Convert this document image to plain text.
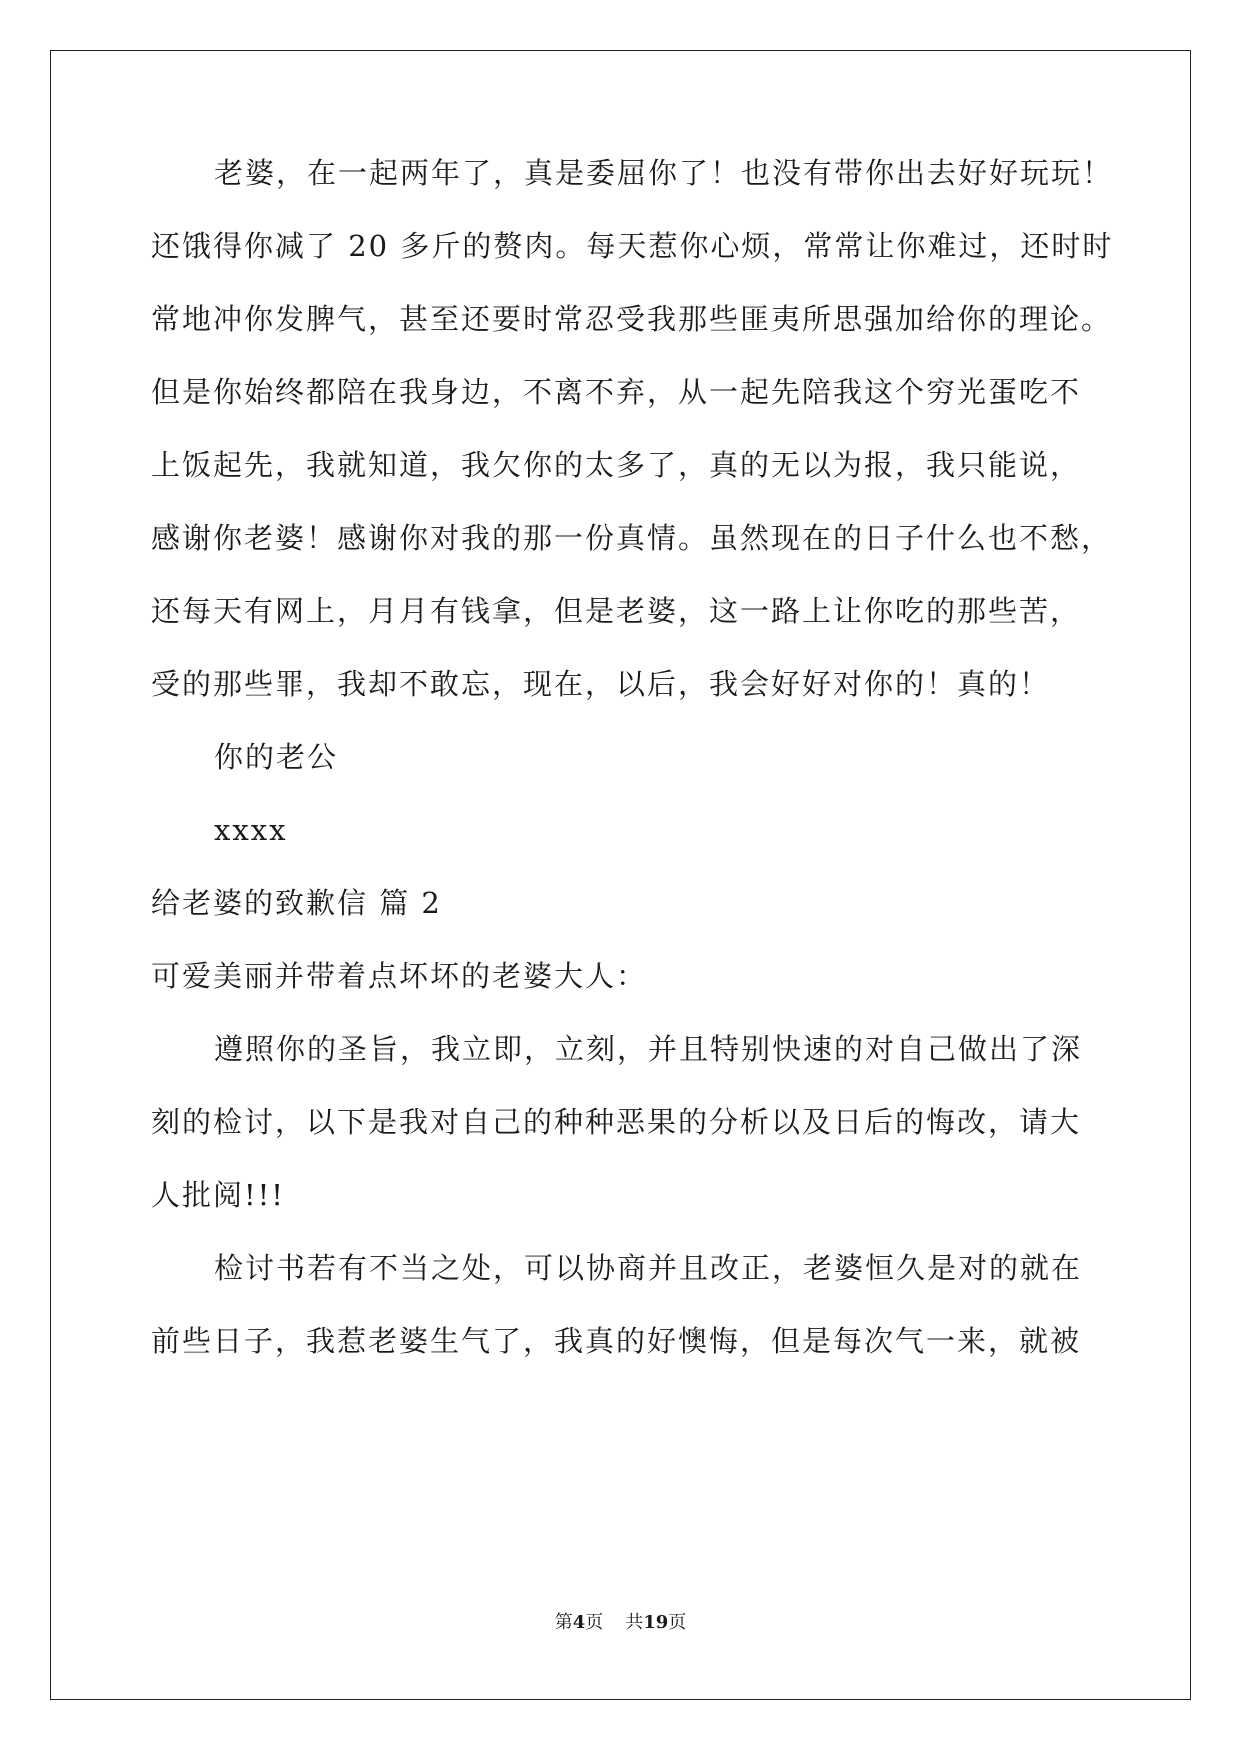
老婆，在一起两年了，真是委屈你了！也没有带你出去好好玩玩！
还饿得你减了 20 多斤的赘肉。每天惹你心烦，常常让你难过，还时时
常地冲你发脾气，甚至还要时常忍受我那些匪夷所思强加给你的理论。
但是你始终都陪在我身边，不离不弃，从一起先陪我这个穷光蛋吃不
上饭起先，我就知道，我欠你的太多了，真的无以为报，我只能说，
感谢你老婆！感谢你对我的那一份真情。虽然现在的日子什么也不愁，
还每天有网上，月月有钱拿，但是老婆，这一路上让你吃的那些苦，
受的那些罪，我却不敢忘，现在，以后，我会好好对你的！真的！
你的老公
xxxx
给老婆的致歉信 篇 2
可爱美丽并带着点坏坏的老婆大人：
遵照你的圣旨，我立即，立刻，并且特别快速的对自己做出了深
刻的检讨，以下是我对自己的种种恶果的分析以及日后的悔改，请大
人批阅!!!
检讨书若有不当之处，可以协商并且改正，老婆恒久是对的就在
前些日子，我惹老婆生气了，我真的好懊悔，但是每次气一来，就被
第4页 共19页
